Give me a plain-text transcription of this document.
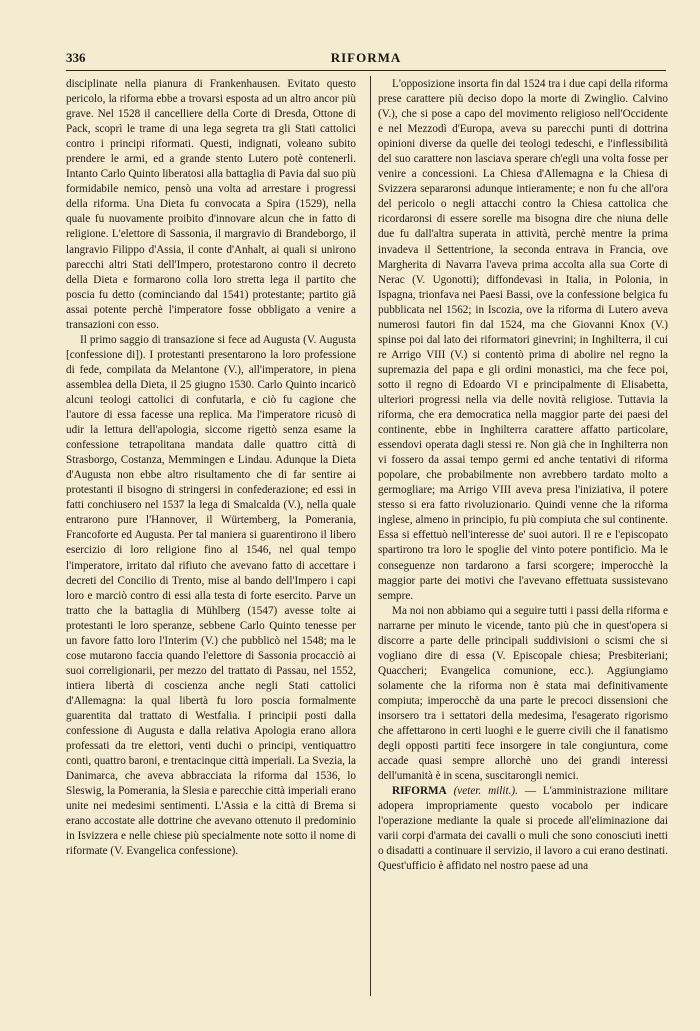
336	RIFORMA

disciplinate nella pianura di Frankenhausen. Evitato questo pericolo, la riforma ebbe a trovarsi esposta ad un altro ancor più grave. Nel 1528 il cancelliere della Corte di Dresda, Ottone di Pack, scoprì le trame di una lega segreta tra gli Stati cattolici contro i principi riformati. Questi, indignati, voleano subito prendere le armi, ed a grande stento Lutero potè contenerli. Intanto Carlo Quinto liberatosi alla battaglia di Pavia dal suo più formidabile nemico, pensò una volta ad arrestare i progressi della riforma. Una Dieta fu convocata a Spira (1529), nella quale fu nuovamente proibito d'innovare alcun che in fatto di religione. L'elettore di Sassonia, il margravio di Brandeborgo, il langravio Filippo d'Assia, il conte d'Anhalt, ai quali si unirono parecchi altri Stati dell'Impero, protestarono contro il decreto della Dieta e formarono colla loro stretta lega il partito che poscia fu detto (cominciando dal 1541) protestante; partito già assai potente perchè l'imperatore fosse obbligato a venire a transazioni con esso.

Il primo saggio di transazione si fece ad Augusta (V. Augusta [confessione di]). I protestanti presentarono la loro professione di fede, compilata da Melantone (V.), all'imperatore, in piena assemblea della Dieta, il 25 giugno 1530. Carlo Quinto incaricò alcuni teologi cattolici di confutarla, e ciò fu cagione che l'autore di essa facesse una replica. Ma l'imperatore ricusò di udir la lettura dell'apologia, siccome rigettò senza esame la confessione tetrapolitana mandata dalle quattro città di Strasborgo, Costanza, Memmingen e Lindau. Adunque la Dieta d'Augusta non ebbe altro risultamento che di far sentire ai protestanti il bisogno di stringersi in confederazione; ed essi in fatti conchiusero nel 1537 la lega di Smalcalda (V.), nella quale entrarono pure l'Hannover, il Würtemberg, la Pomerania, Francoforte ed Augusta. Per tal maniera si guarentirono il libero esercizio di loro religione fino al 1546, nel qual tempo l'imperatore, irritato dal rifiuto che avevano fatto di accettare i decreti del Concilio di Trento, mise al bando dell'Impero i capi loro e marciò contro di essi alla testa di forte esercito. Parve un tratto che la battaglia di Mühlberg (1547) avesse tolte ai protestanti le loro speranze, sebbene Carlo Quinto tenesse per un favore fatto loro l'Interim (V.) che pubblicò nel 1548; ma le cose mutarono faccia quando l'elettore di Sassonia procacciò ai suoi correligionarii, per mezzo del trattato di Passau, nel 1552, intiera libertà di coscienza anche negli Stati cattolici d'Allemagna: la qual libertà fu loro poscia formalmente guarentita dal trattato di Westfalia. I principii posti dalla confessione di Augusta e dalla relativa Apologia erano allora professati da tre elettori, venti duchi o principi, ventiquattro conti, quattro baroni, e trentacinque città imperiali. La Svezia, la Danimarca, che aveva abbracciata la riforma dal 1536, lo Sleswig, la Pomerania, la Slesia e parecchie città imperiali erano unite nei medesimi sentimenti. L'Assia e la città di Brema si erano accostate alle dottrine che avevano ottenuto il predominio in Isvizzera e nelle chiese più specialmente note sotto il nome di riformate (V. Evangelica confessione).

L'opposizione insorta fin dal 1524 tra i due capi della riforma prese carattere più deciso dopo la morte di Zwinglio. Calvino (V.), che si pose a capo del movimento religioso nell'Occidente e nel Mezzodì d'Europa, aveva su parecchi punti di dottrina opinioni diverse da quelle dei teologi tedeschi, e l'inflessibilità del suo carattere non lasciava sperare ch'egli una volta fosse per venire a concessioni. La Chiesa d'Allemagna e la Chiesa di Svizzera separaronsi adunque intieramente; e non fu che all'ora del pericolo o negli attacchi contro la Chiesa cattolica che ricordaronsi di essere sorelle ma bisogna dire che niuna delle due fu dall'altra superata in attività, perchè mentre la prima invadeva il Settentrione, la seconda entrava in Francia, ove Margherita di Navarra l'aveva prima accolta alla sua Corte di Nerac (V. Ugonotti); diffondevasi in Italia, in Polonia, in Ispagna, trionfava nei Paesi Bassi, ove la confessione belgica fu pubblicata nel 1562; in Iscozia, ove la riforma di Lutero aveva numerosi fautori fin dal 1524, ma che Giovanni Knox (V.) spinse poi dal lato dei riformatori ginevrini; in Inghilterra, il cui re Arrigo VIII (V.) si contentò prima di abolire nel regno la supremazia del papa e gli ordini monastici, ma che fece poi, sotto il regno di Edoardo VI e principalmente di Elisabetta, ulteriori progressi nella via delle novità religiose. Tuttavia la riforma, che era democratica nella maggior parte dei paesi del continente, ebbe in Inghilterra carattere affatto particolare, essendovi operata dagli stessi re. Non già che in Inghilterra non vi fossero da assai tempo germi ed anche tentativi di riforma popolare, che probabilmente non avrebbero tardato molto a germogliare; ma Arrigo VIII aveva presa l'iniziativa, il potere stesso si era fatto rivoluzionario. Quindi venne che la riforma inglese, almeno in principio, fu più compiuta che sul continente. Essa si effettuò nell'interesse de' suoi autori. Il re e l'episcopato spartirono tra loro le spoglie del vinto potere pontificio. Ma le conseguenze non tardarono a farsi scorgere; imperocchè la maggior parte dei motivi che l'avevano effettuata sussistevano sempre.

Ma noi non abbiamo qui a seguire tutti i passi della riforma e narrarne per minuto le vicende, tanto più che in quest'opera si discorre a parte delle principali suddivisioni o scismi che si vogliano dire di essa (V. Episcopale chiesa; Presbiteriani; Quaccheri; Evangelica comunione, ecc.). Aggiungiamo solamente che la riforma non è stata mai definitivamente compiuta; imperocchè da una parte le precoci dissensioni che insorsero tra i settatori della medesima, l'esagerato rigorismo che affettarono in certi luoghi e le guerre civili che il fanatismo degli opposti partiti fece insorgere in tale congiuntura, come accade quasi sempre allorchè uno dei grandi interessi dell'umanità è in scena, suscitarongli nemici.

RIFORMA (veter. milit.). — L'amministrazione militare adopera impropriamente questo vocabolo per indicare l'operazione mediante la quale si procede all'eliminazione dai varii corpi d'armata dei cavalli o muli che sono conosciuti inetti o disadatti a continuare il servizio, il lavoro a cui erano destinati. Quest'ufficio è affidato nel nostro paese ad una
